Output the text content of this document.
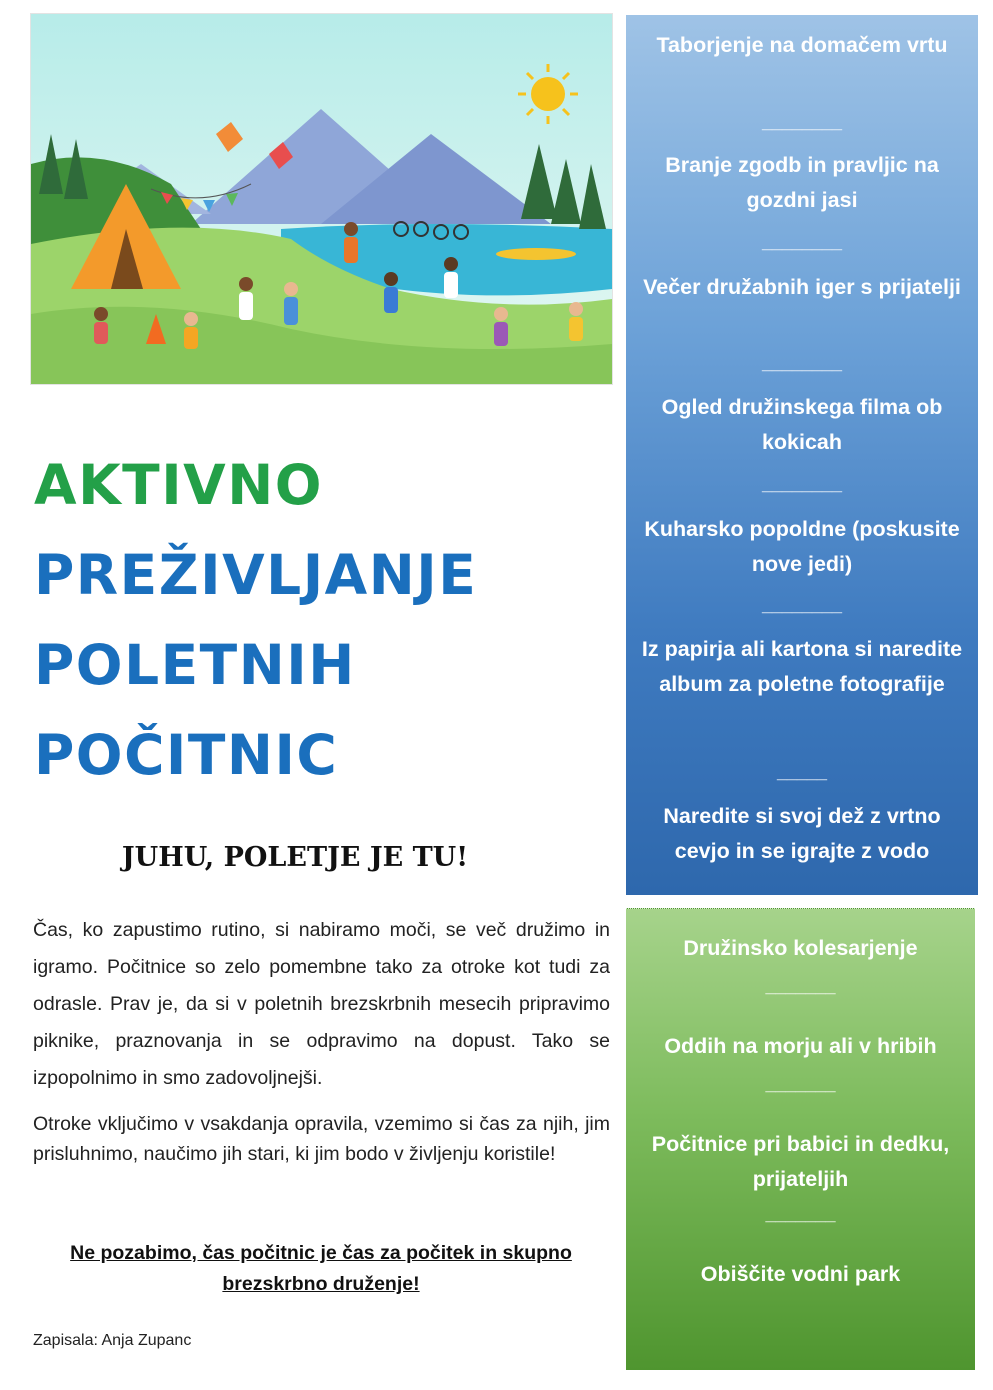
AKTIVNO

PREŽIVLJANJE

POLETNIH

POČITNIC

JUHU, POLETJE JE TU!

Čas, ko zapustimo rutino, si nabiramo moči, se več družimo in igramo. Počitnice so zelo pomembne tako za otroke kot tudi za odrasle. Prav je, da si v poletnih brezskrbnih mesecih pripravimo piknike, praznovanja in se odpravimo na dopust. Tako se izpopolnimo in smo zadovoljnejši.

Otroke vključimo v vsakdanja opravila, vzemimo si čas za njih, jim prisluhnimo, naučimo jih stari, ki jim bodo v življenju koristile!

Ne pozabimo, čas počitnic je čas za počitek in skupno
brezskrbno druženje!

Zapisala: Anja Zupanc

Taborjenje na domačem vrtu
________
Branje zgodb in pravljic na gozdni jasi
________
Večer družabnih iger s prijatelji
________
Ogled družinskega filma ob kokicah
________
Kuharsko popoldne (poskusite nove jedi)
________
Iz papirja ali kartona si naredite album za poletne fotografije
_____
Naredite si svoj dež z vrtno cevjo in se igrajte z vodo
Družinsko kolesarjenje
_______
Oddih na morju ali v hribih
_______
Počitnice pri babici in dedku, prijateljih
_______
Obiščite vodni park
